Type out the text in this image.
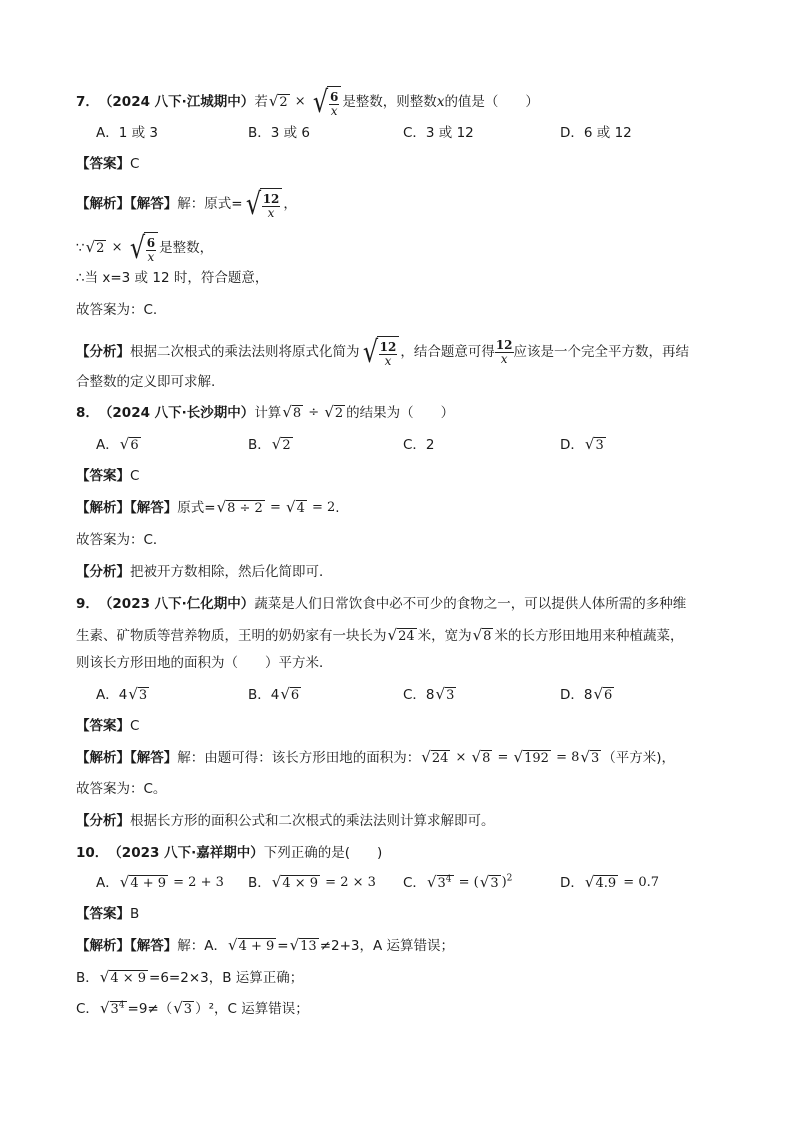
7． （2024 八下·江城期中） 若 √ 2 × √ $\frac{6}{x}$ 是整数，则整数 x 的值是（　　）
A．1 或 3	B．3 或 6	C．3 或 12	D．6 或 12
【答案】 C
【解析】【解答】 解：原式= √ $\frac{12}{x}$ ，
∵ √ 2 × √ $\frac{6}{x}$ 是整数，
∴当 x=3 或 12 时，符合题意，
故答案为：C.
【分析】 根据二次根式的乘法法则将原式化简为 √ $\frac{12}{x}$ ，结合题意可得 $\frac{12}{x}$ 应该是一个完全平方数，再结
合整数的定义即可求解.
8． （2024 八下·长沙期中） 计算 √ 8 ÷ √ 2 的结果为（　　）
A． √ 6	B． √ 2	C．2	D． √ 3
【答案】 C
【解析】【解答】 原式= √ 8 ÷ 2 = √ 4 = 2 .
故答案为：C．
【分析】 把被开方数相除，然后化简即可．
9． （2023 八下·仁化期中） 蔬菜是人们日常饮食中必不可少的食物之一，可以提供人体所需的多种维
生素、矿物质等营养物质，王明的奶奶家有一块长为 √ 24 米，宽为 √ 8 米的长方形田地用来种植蔬菜，
则该长方形田地的面积为（　　）平方米．
A．4 √ 3	B．4 √ 6	C．8 √ 3	D．8 √ 6
【答案】 C
【解析】【解答】 解：由题可得：该长方形田地的面积为： √ 24 × √ 8 = √ 192 = 8 √ 3 （平方米)，
故答案为：C。
【分析】 根据长方形的面积公式和二次根式的乘法法则计算求解即可。
10． （2023 八下·嘉祥期中） 下列正确的是(　　)
A． √ 4 + 9 = 2 + 3 B． √ 4 × 9 = 2 × 3 C． √ $3^4$ = ( √ 3 )$^2$	D． √ 4.9 = 0.7
【答案】 B
【解析】【解答】 解：A． √ 4 + 9 = √ 13 ≠2+3，A 运算错误；
B． √ 4 × 9 =6=2×3，B 运算正确；
C． √ $3^4 =9\ne$（ √ 3 ）²，C 运算错误；
